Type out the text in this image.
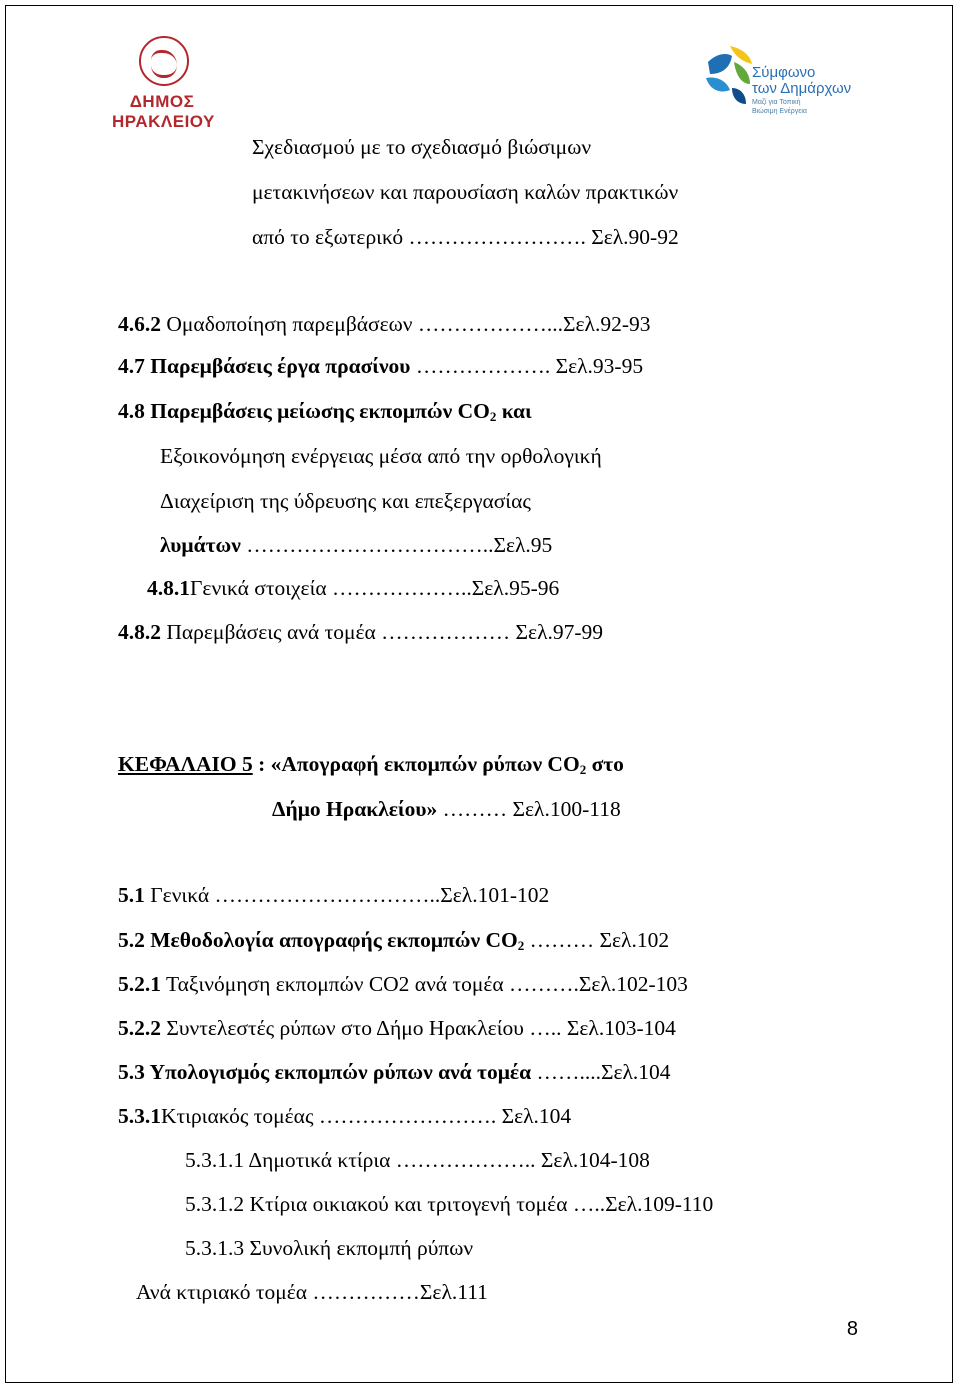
ΔΗΜΟΣ
ΗΡΑΚΛΕΙΟΥ
Σύμφωνο
των Δημάρχων
Μαζί για Τοπική
Βιώσιμη Ενέργεια
Σχεδιασμού με το σχεδιασμό βιώσιμων
μετακινήσεων και παρουσίαση καλών πρακτικών
από το εξωτερικό ……………………. Σελ.90-92
4.6.2 Ομαδοποίηση παρεμβάσεων ………………...Σελ.92-93
4.7 Παρεμβάσεις έργα πρασίνου ………………. Σελ.93-95
4.8 Παρεμβάσεις μείωσης εκπομπών $CO_2$ και
Εξοικονόμηση ενέργειας μέσα από την ορθολογική
Διαχείριση της ύδρευσης και επεξεργασίας
λυμάτων ……………………………..Σελ.95
4.8.1Γενικά στοιχεία ………………..Σελ.95-96
4.8.2 Παρεμβάσεις ανά τομέα ……………… Σελ.97-99
ΚΕΦΑΛΑΙΟ 5 : «Απογραφή εκπομπών ρύπων $CO_2$ στο
Δήμο Ηρακλείου» ……… Σελ.100-118
5.1 Γενικά …………………………..Σελ.101-102
5.2 Μεθοδολογία απογραφής εκπομπών $CO_2$ ……… Σελ.102
5.2.1 Ταξινόμηση εκπομπών CO2 ανά τομέα ……….Σελ.102-103
5.2.2 Συντελεστές ρύπων στο Δήμο Ηρακλείου ….. Σελ.103-104
5.3 Υπολογισμός εκπομπών ρύπων ανά τομέα ……....Σελ.104
5.3.1Κτιριακός τομέας ……………………. Σελ.104
5.3.1.1 Δημοτικά κτίρια ……………….. Σελ.104-108
5.3.1.2 Κτίρια οικιακού και τριτογενή τομέα …..Σελ.109-110
5.3.1.3 Συνολική εκπομπή ρύπων
Ανά κτιριακό τομέα ……………Σελ.111
8
